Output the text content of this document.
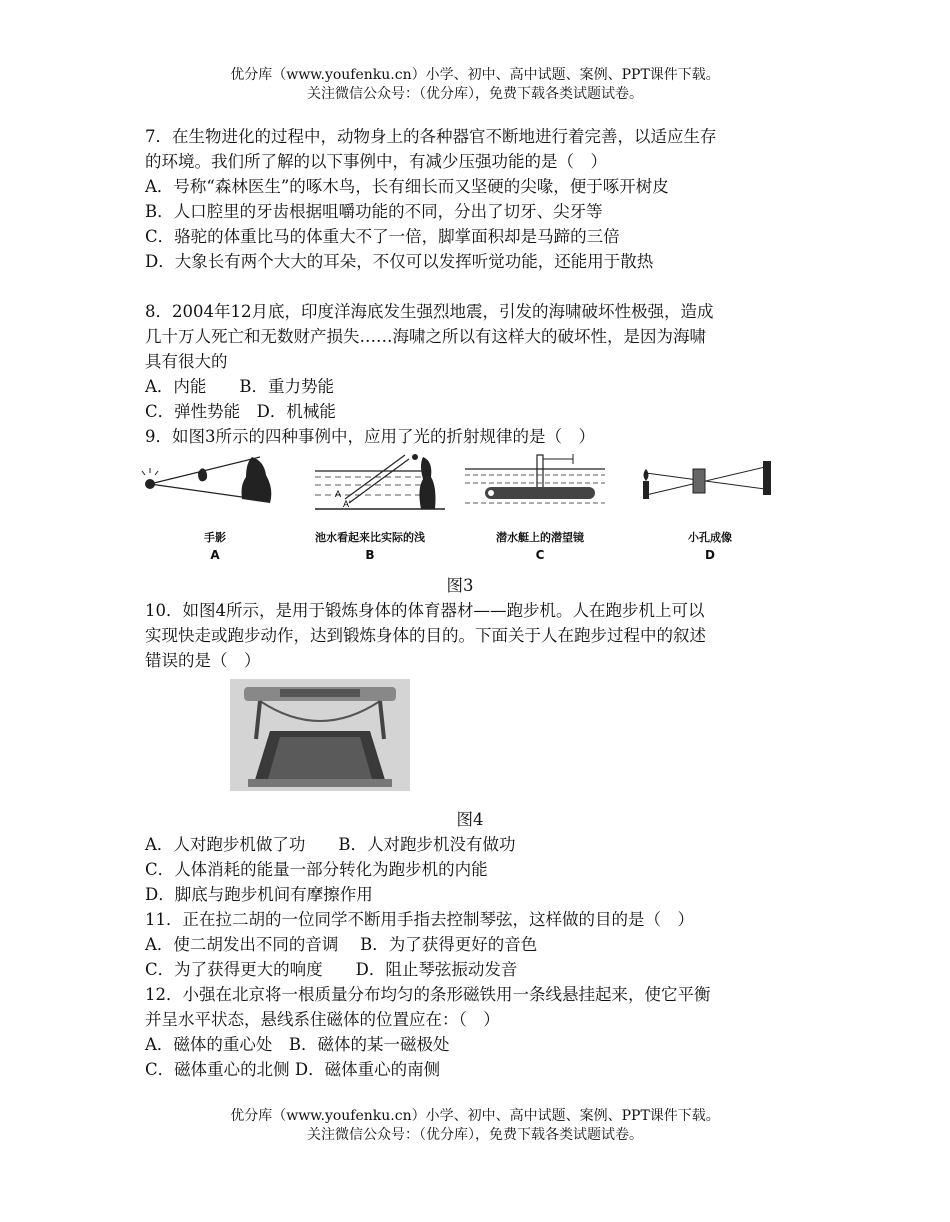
优分库（www.youfenku.cn）小学、初中、高中试题、案例、PPT课件下载。
关注微信公众号：（优分库），免费下载各类试题试卷。

7．在生物进化的过程中，动物身上的各种器官不断地进行着完善，以适应生存

的环境。我们所了解的以下事例中，有减少压强功能的是（　）

A．号称“森林医生”的啄木鸟，长有细长而又坚硬的尖喙，便于啄开树皮

B．人口腔里的牙齿根据咀嚼功能的不同，分出了切牙、尖牙等

C．骆驼的体重比马的体重大不了一倍，脚掌面积却是马蹄的三倍

D．大象长有两个大大的耳朵，不仅可以发挥听觉功能，还能用于散热

8．2004年12月底，印度洋海底发生强烈地震，引发的海啸破坏性极强，造成

几十万人死亡和无数财产损失……海啸之所以有这样大的破坏性，是因为海啸

具有很大的

A．内能　　B．重力势能

C．弹性势能　D．机械能

9．如图3所示的四种事例中，应用了光的折射规律的是（　）

A
A'
手影
A
池水看起来比实际的浅
B
潜水艇上的潜望镜
C
小孔成像
D

图3

10．如图4所示，是用于锻炼身体的体育器材——跑步机。人在跑步机上可以

实现快走或跑步动作，达到锻炼身体的目的。下面关于人在跑步过程中的叙述

错误的是（　）

图4

A．人对跑步机做了功　　B．人对跑步机没有做功

C．人体消耗的能量一部分转化为跑步机的内能

D．脚底与跑步机间有摩擦作用

11．正在拉二胡的一位同学不断用手指去控制琴弦，这样做的目的是（　）

A．使二胡发出不同的音调　 B．为了获得更好的音色

C．为了获得更大的响度　　D．阻止琴弦振动发音

12．小强在北京将一根质量分布均匀的条形磁铁用一条线悬挂起来，使它平衡

并呈水平状态，悬线系住磁体的位置应在：（　）

A．磁体的重心处　B．磁体的某一磁极处

C．磁体重心的北侧 D．磁体重心的南侧

优分库（www.youfenku.cn）小学、初中、高中试题、案例、PPT课件下载。
关注微信公众号：（优分库），免费下载各类试题试卷。
